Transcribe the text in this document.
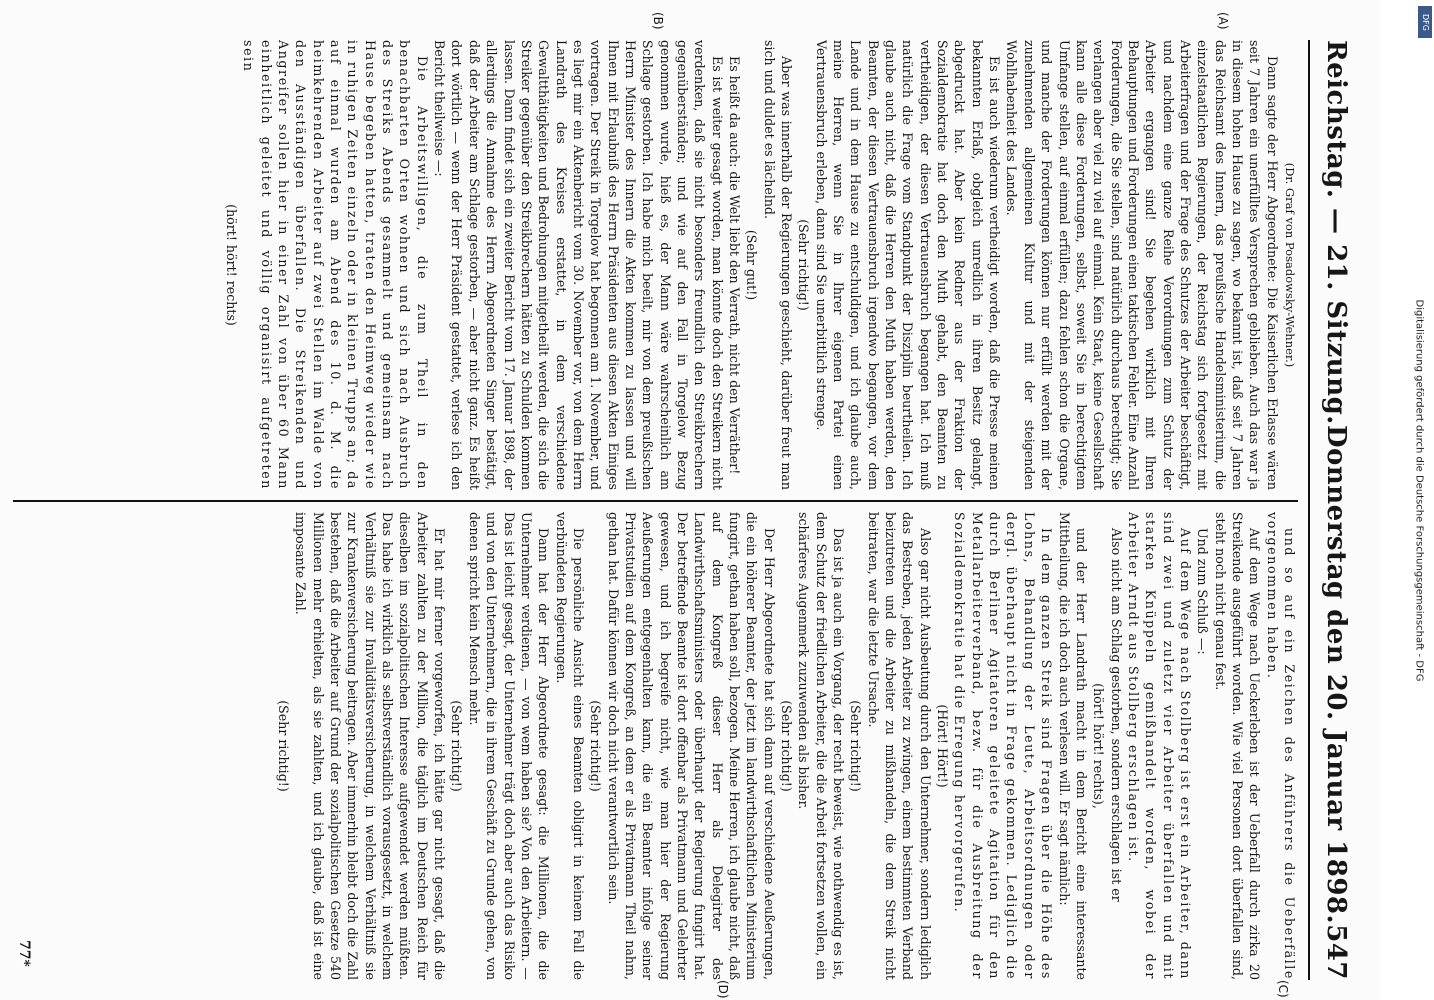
Reichstag. — 21. Sitzung.
Donnerstag den 20. Januar 1898.
547
(A)
(B)
(C)
(D)

(Dr. Graf von Posadowsky-Wehner.)

Dann sagte der Herr Abgeordnete: Die Kaiserlichen Erlasse wären seit 7 Jahren ein unerfülltes Versprechen geblieben. Auch das war ja in diesem hohen Hause zu sagen, wo bekannt ist, daß seit 7 Jahren das Reichsamt des Innern, das preußische Handelsministerium, die einzelstaatlichen Regierungen, der Reichstag sich fortgesetzt mit Arbeiterfragen und der Frage des Schutzes der Arbeiter beschäftigt, und nachdem eine ganze Reihe Verordnungen zum Schutz der Arbeiter ergangen sind! Sie begehen wirklich mit Ihren Behauptungen und Forderungen einen taktischen Fehler. Eine Anzahl Forderungen, die Sie stellen, sind natürlich durchaus berechtigt; Sie verlangen aber viel zu viel auf einmal. Kein Staat, keine Gesellschaft kann alle diese Forderungen, selbst, soweit Sie in berechtigtem Umfange stellen, auf einmal erfüllen; dazu fehlen schon die Organe, und manche der Forderungen können nur erfüllt werden mit der zunehmenden allgemeinen Kultur und mit der steigenden Wohlhabenheit des Landes.

Es ist auch wiederum vertheidigt worden, daß die Presse meinen bekannten Erlaß, obgleich unredlich in ihren Besitz gelangt, abgedruckt hat. Aber kein Redner aus der Fraktion der Sozialdemokratie hat doch den Muth gehabt, den Beamten zu vertheidigen, der diesen Vertrauensbruch begangen hat. Ich muß natürlich die Frage vom Standpunkt der Disziplin beurtheilen. Ich glaube auch nicht, daß die Herren den Muth haben werden, den Beamten, der diesen Vertrauensbruch irgendwo begangen, vor dem Lande und in dem Hause zu entschuldigen, und ich glaube auch, meine Herren, wenn Sie in Ihrer eigenen Partei einen Vertrauensbruch erleben, dann sind Sie unerbittlich strenge.

(Sehr richtig!)

Aber was innerhalb der Regierungen geschieht, darüber freut man sich und duldet es lächelnd.

(Sehr gut!)

Es heißt da auch: die Welt liebt den Verrath, nicht den Verräther!

Es ist weiter gesagt worden, man könnte doch den Streikern nicht verdenken, daß sie nicht besonders freundlich den Streikbrechern gegenüberständen; und wie auf den Fall in Torgelow Bezug genommen wurde, hieß es, der Mann wäre wahrscheinlich am Schlage gestorben. Ich habe mich beeilt, mir von dem preußischen Herrn Minister des Innern die Akten kommen zu lassen und will Ihnen mit Erlaubniß des Herrn Präsidenten aus diesen Akten Einiges vortragen. Der Streik in Torgelow hat begonnen am 1. November, und es liegt mir ein Aktenbericht vom 30. November vor, von dem Herrn Landrath des Kreises erstattet, in dem verschiedene Gewaltthätigkeiten und Bedrohungen mitgetheilt werden, die sich die Streiker gegenüber den Streikbrechern hätten zu Schulden kommen lassen. Dann findet sich ein zweiter Bericht vom 17. Januar 1898, der allerdings die Annahme des Herrn Abgeordneten Singer bestätigt, daß der Arbeiter am Schlage gestorben, — aber nicht ganz. Es heißt dort wörtlich — wenn der Herr Präsident gestattet, verlese ich den Bericht theilweise —:

Die Arbeitswilligen, die zum Theil in den benachbarten Orten wohnen und sich nach Ausbruch des Streiks Abends gesammelt und gemeinsam nach Hause begeben hatten, traten den Heimweg wieder wie in ruhigen Zeiten einzeln oder in kleinen Trupps an; da auf einmal wurden am Abend des 10. d. M. die heimkehrenden Arbeiter auf zwei Stellen im Walde von den Ausständigen überfallen. Die Streikenden und Angreifer sollen hier in einer Zahl von über 60 Mann einheitlich geleitet und völlig organisirt aufgetreten sein

(hört! hört! rechts)

und so auf ein Zeichen des Anführers die Ueberfälle vorgenommen haben.

Auf dem Wege nach Ueckerleben ist der Ueberfall durch zirka 20 Streikende ausgeführt worden. Wie viel Personen dort überfallen sind, steht noch nicht genau fest.

Und zum Schluß —:

Auf dem Wege nach Stollberg ist erst ein Arbeiter, dann sind zwei und zuletzt vier Arbeiter überfallen und mit starken Knüppeln gemißhandelt worden, wobei der Arbeiter Arndt aus Stollberg erschlagen ist.

Also nicht am Schlag gestorben, sondern erschlagen ist er

(hört! hört! rechts),

und der Herr Landrath macht in dem Bericht eine interessante Mittheilung, die ich doch auch verlesen will. Er sagt nämlich:

In dem ganzen Streik sind Fragen über die Höhe des Lohns, Behandlung der Leute, Arbeitsordnungen oder dergl. überhaupt nicht in Frage gekommen. Lediglich die durch Berliner Agitatoren geleitete Agitation für den Metallarbeiterverband, bezw. für die Ausbreitung der Sozialdemokratie hat die Erregung hervorgerufen.

(Hört! Hört!)

Also gar nicht Ausbeutung durch den Unternehmer, sondern lediglich das Bestreben, jeden Arbeiter zu zwingen, einem bestimmten Verband beizutreten und die Arbeiter zu mißhandeln, die dem Streik nicht beitraten, war die letzte Ursache.

(Sehr richtig!)

Das ist ja auch ein Vorgang, der recht beweist, wie nothwendig es ist, dem Schutz der friedlichen Arbeiter, die die Arbeit fortsetzen wollen, ein schärferes Augenmerk zuzuwenden als bisher.

(Sehr richtig!)

Der Herr Abgeordnete hat sich dann auf verschiedene Aeußerungen, die ein höherer Beamter, der jetzt im landwirthschaftlichen Ministerium fungirt, gethan haben soll, bezogen. Meine Herren, ich glaube nicht, daß auf dem Kongreß dieser Herr als Delegirter des Landwirthschaftsministers oder überhaupt der Regierung fungirt hat. Der betreffende Beamte ist dort offenbar als Privatmann und Gelehrter gewesen, und ich begreife nicht, wie man hier der Regierung Aeußerungen entgegenhalten kann, die ein Beamter infolge seiner Privatstudien auf dem Kongreß, an dem er als Privatmann Theil nahm, gethan hat. Dafür können wir doch nicht verantwortlich sein.

(Sehr richtig!)

Die persönliche Ansicht eines Beamten obligirt in keinem Fall die verbündeten Regierungen.

Dann hat der Herr Abgeordnete gesagt: die Millionen, die die Unternehmer verdienen, — von wem haben sie? Von den Arbeitern. — Das ist leicht gesagt, der Unternehmer trägt doch aber auch das Risiko und von den Unternehmern, die in ihrem Geschäft zu Grunde gehen, von denen spricht kein Mensch mehr.

(Sehr richtig!)

Er hat mir ferner vorgeworfen, ich hätte gar nicht gesagt, daß die Arbeiter zahlten zu der Million, die täglich im Deutschen Reich für dieselben im sozialpolitischen Interesse aufgewendet werden müßten. Das habe ich wirklich als selbstverständlich vorausgesetzt, in welchem Verhältniß sie zur Invaliditätsversicherung, in welchem Verhältniß sie zur Krankenversicherung beitragen. Aber immerhin bleibt doch die Zahl bestehen, daß die Arbeiter auf Grund der sozialpolitischen Gesetze 540 Millionen mehr erhielten, als sie zahlten, und ich glaube, daß ist eine imposante Zahl.

(Sehr richtig!)

77*
DFG
Digitalisierung gefördert durch die Deutsche Forschungsgemeinschaft - DFG
